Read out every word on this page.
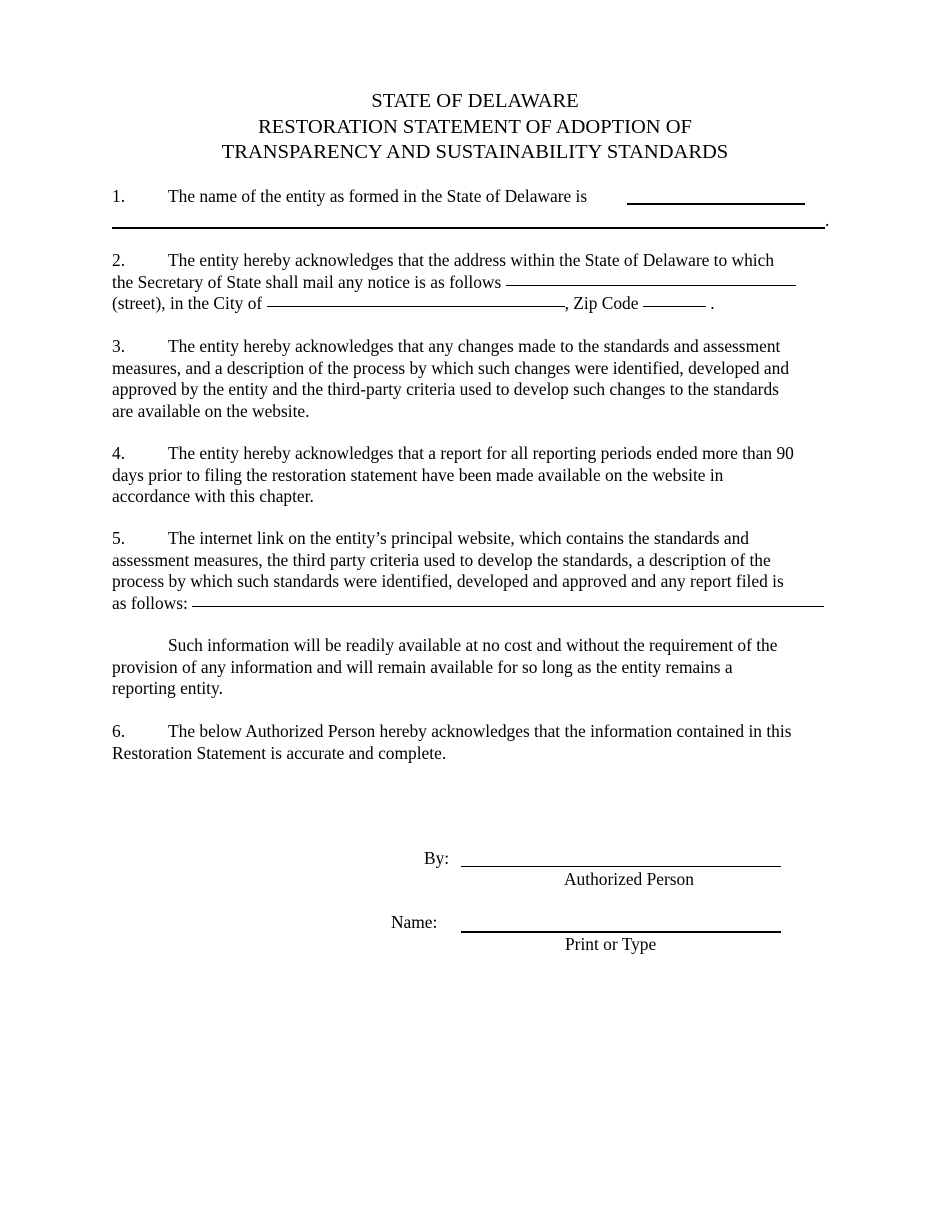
STATE OF DELAWARE
RESTORATION STATEMENT OF ADOPTION OF
TRANSPARENCY AND SUSTAINABILITY STANDARDS
1. The name of the entity as formed in the State of Delaware is
.
2. The entity hereby acknowledges that the address within the State of Delaware to which
the Secretary of State shall mail any notice is as follows
(street), in the City of	, Zip Code	.
3. The entity hereby acknowledges that any changes made to the standards and assessment
measures, and a description of the process by which such changes were identified, developed and
approved by the entity and the third-party criteria used to develop such changes to the standards
are available on the website.
4. The entity hereby acknowledges that a report for all reporting periods ended more than 90
days prior to filing the restoration statement have been made available on the website in
accordance with this chapter.
5. The internet link on the entity’s principal website, which contains the standards and
assessment measures, the third party criteria used to develop the standards, a description of the
process by which such standards were identified, developed and approved and any report filed is
as follows:
Such information will be readily available at no cost and without the requirement of the
provision of any information and will remain available for so long as the entity remains a
reporting entity.
6. The below Authorized Person hereby acknowledges that the information contained in this
Restoration Statement is accurate and complete.
By:
Authorized Person
Name:
Print or Type
